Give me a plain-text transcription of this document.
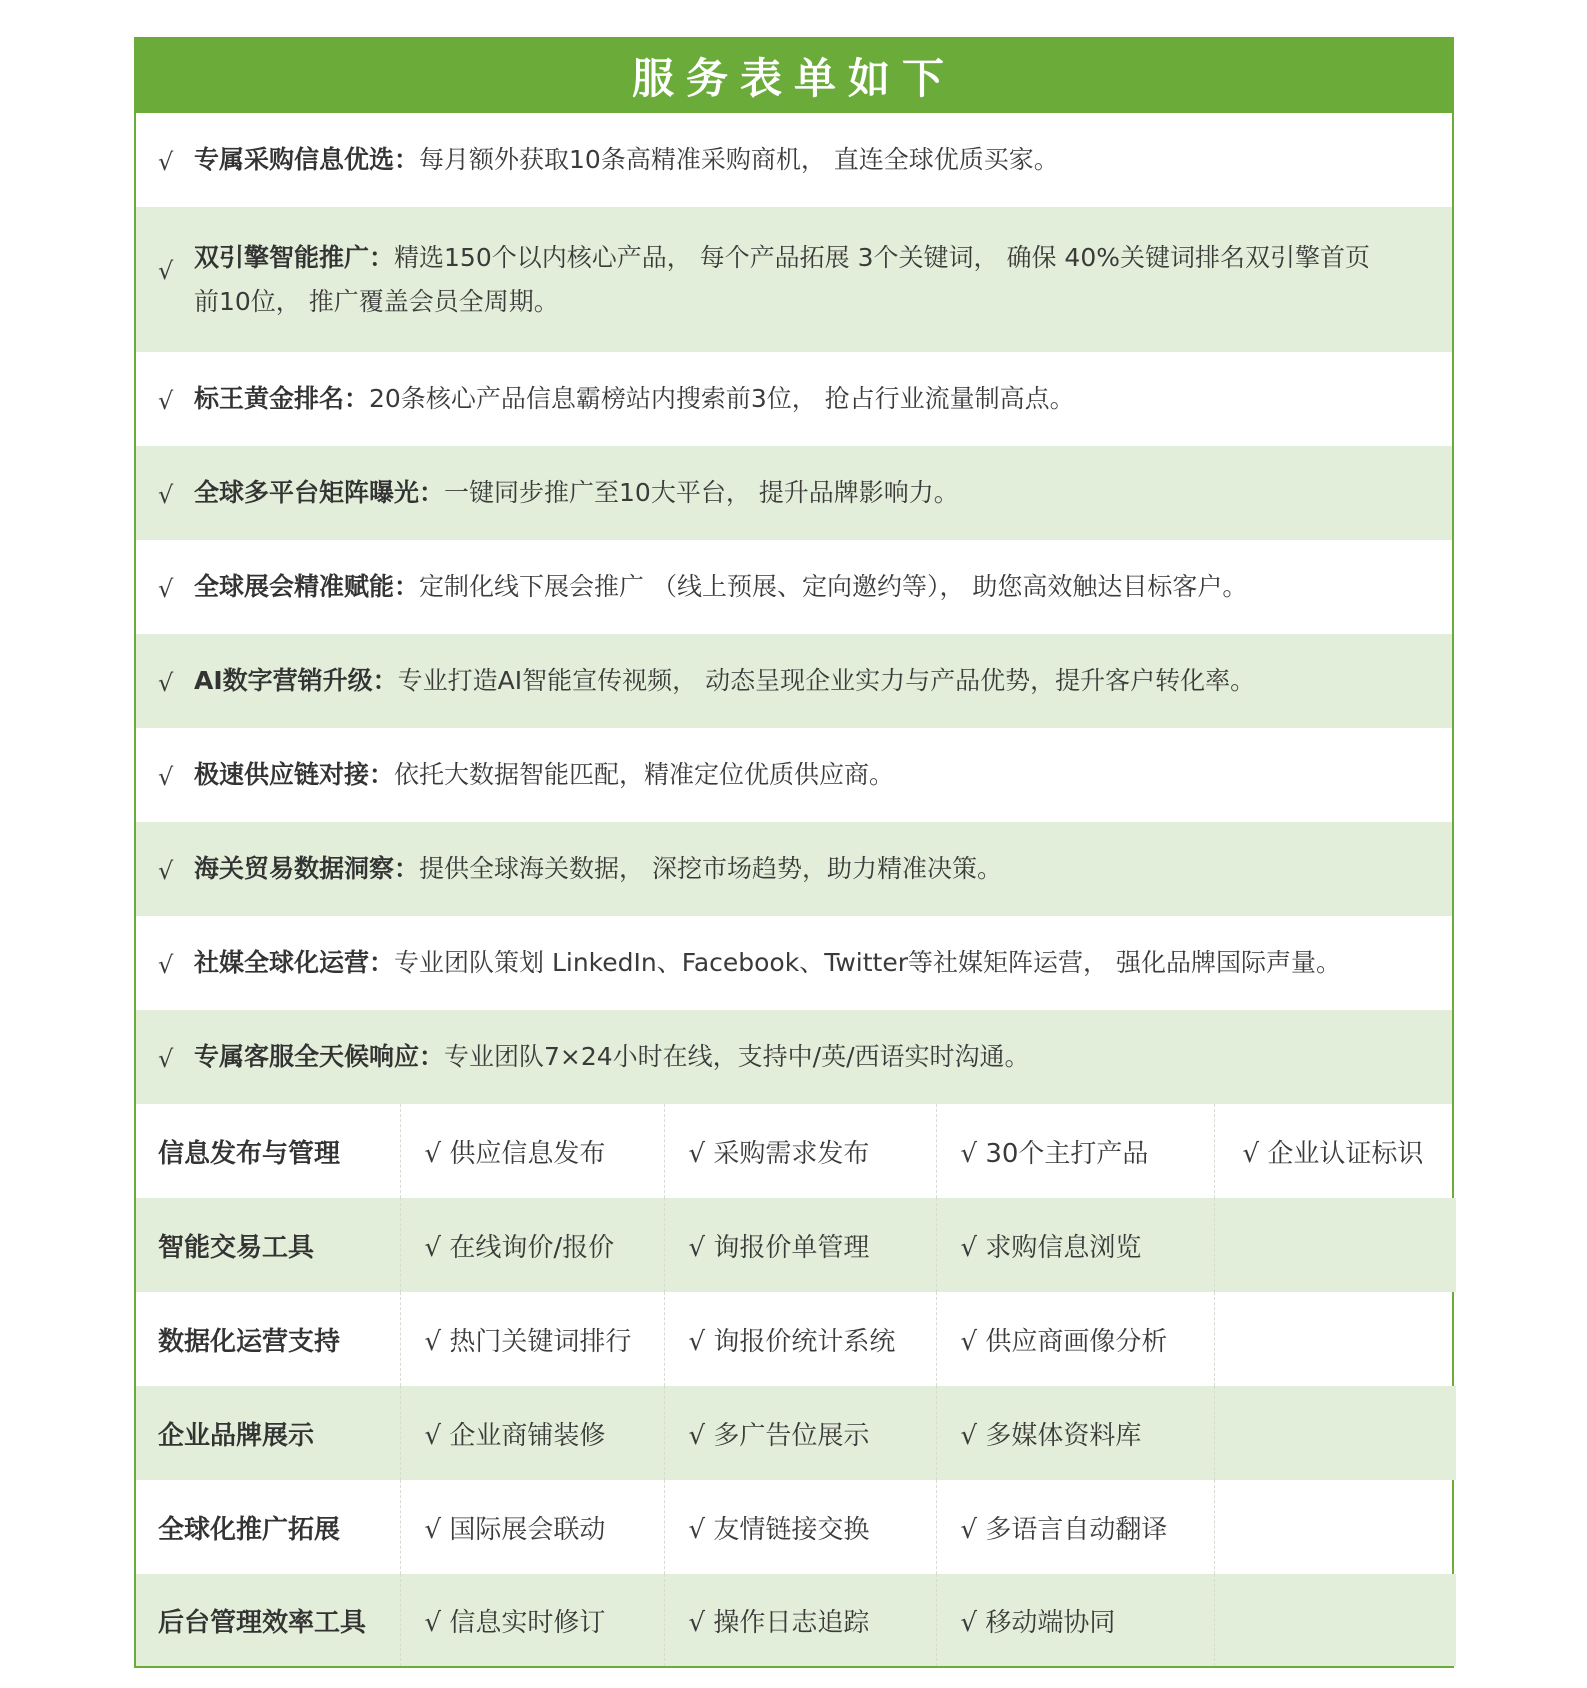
服务表单如下
√ 专属采购信息优选：每月额外获取10条高精准采购商机， 直连全球优质买家。
√ 双引擎智能推广：精选150个以内核心产品， 每个产品拓展 3个关键词， 确保 40%关键词排名双引擎首页前10位， 推广覆盖会员全周期。
√ 标王黄金排名：20条核心产品信息霸榜站内搜索前3位， 抢占行业流量制高点。
√ 全球多平台矩阵曝光：一键同步推广至10大平台， 提升品牌影响力。
√ 全球展会精准赋能：定制化线下展会推广 （线上预展、定向邀约等）， 助您高效触达目标客户。
√ AI数字营销升级：专业打造AI智能宣传视频， 动态呈现企业实力与产品优势，提升客户转化率。
√ 极速供应链对接：依托大数据智能匹配，精准定位优质供应商。
√ 海关贸易数据洞察：提供全球海关数据， 深挖市场趋势，助力精准决策。
√ 社媒全球化运营：专业团队策划 LinkedIn、Facebook、Twitter等社媒矩阵运营， 强化品牌国际声量。
√ 专属客服全天候响应：专业团队7×24小时在线，支持中/英/西语实时沟通。
信息发布与管理	√ 供应信息发布	√ 采购需求发布	√ 30个主打产品	√ 企业认证标识
智能交易工具	√ 在线询价/报价	√ 询报价单管理	√ 求购信息浏览	
数据化运营支持	√ 热门关键词排行	√ 询报价统计系统	√ 供应商画像分析	
企业品牌展示	√ 企业商铺装修	√ 多广告位展示	√ 多媒体资料库	
全球化推广拓展	√ 国际展会联动	√ 友情链接交换	√ 多语言自动翻译	
后台管理效率工具	√ 信息实时修订	√ 操作日志追踪	√ 移动端协同	
